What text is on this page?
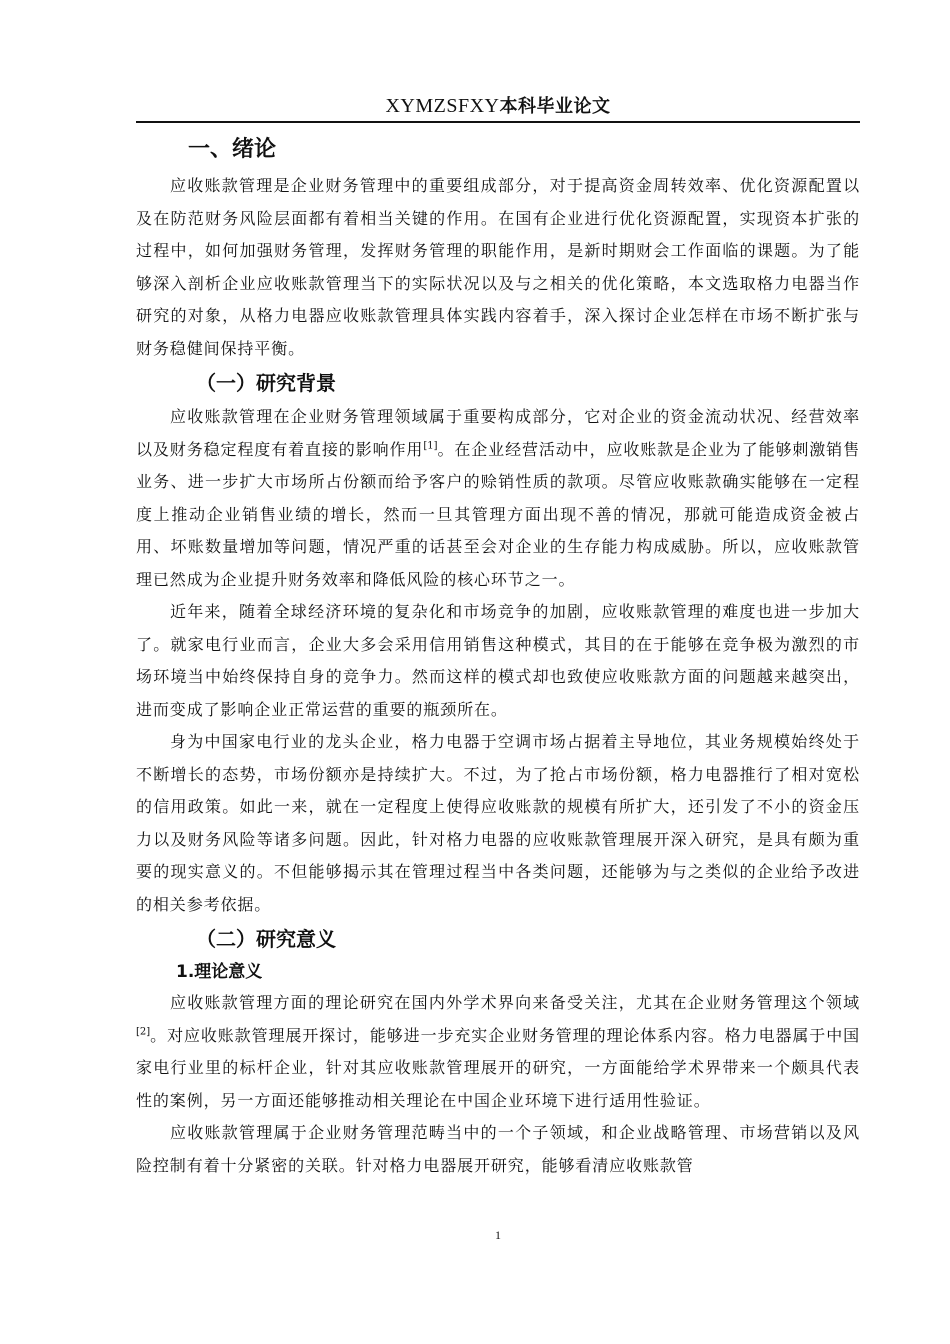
XYMZSFXY本科毕业论文
一、绪论

应收账款管理是企业财务管理中的重要组成部分，对于提高资金周转效率、优化资源配置以及在防范财务风险层面都有着相当关键的作用。在国有企业进行优化资源配置，实现资本扩张的过程中，如何加强财务管理，发挥财务管理的职能作用，是新时期财会工作面临的课题。为了能够深入剖析企业应收账款管理当下的实际状况以及与之相关的优化策略，本文选取格力电器当作研究的对象，从格力电器应收账款管理具体实践内容着手，深入探讨企业怎样在市场不断扩张与财务稳健间保持平衡。

（一）研究背景

应收账款管理在企业财务管理领域属于重要构成部分，它对企业的资金流动状况、经营效率以及财务稳定程度有着直接的影响作用[1]。在企业经营活动中，应收账款是企业为了能够刺激销售业务、进一步扩大市场所占份额而给予客户的赊销性质的款项。尽管应收账款确实能够在一定程度上推动企业销售业绩的增长，然而一旦其管理方面出现不善的情况，那就可能造成资金被占用、坏账数量增加等问题，情况严重的话甚至会对企业的生存能力构成威胁。所以，应收账款管理已然成为企业提升财务效率和降低风险的核心环节之一。

近年来，随着全球经济环境的复杂化和市场竞争的加剧，应收账款管理的难度也进一步加大了。就家电行业而言，企业大多会采用信用销售这种模式，其目的在于能够在竞争极为激烈的市场环境当中始终保持自身的竞争力。然而这样的模式却也致使应收账款方面的问题越来越突出，进而变成了影响企业正常运营的重要的瓶颈所在。

身为中国家电行业的龙头企业，格力电器于空调市场占据着主导地位，其业务规模始终处于不断增长的态势，市场份额亦是持续扩大。不过，为了抢占市场份额，格力电器推行了相对宽松的信用政策。如此一来，就在一定程度上使得应收账款的规模有所扩大，还引发了不小的资金压力以及财务风险等诸多问题。因此，针对格力电器的应收账款管理展开深入研究，是具有颇为重要的现实意义的。不但能够揭示其在管理过程当中各类问题，还能够为与之类似的企业给予改进的相关参考依据。

（二）研究意义
1.理论意义

应收账款管理方面的理论研究在国内外学术界向来备受关注，尤其在企业财务管理这个领域[2]。对应收账款管理展开探讨，能够进一步充实企业财务管理的理论体系内容。格力电器属于中国家电行业里的标杆企业，针对其应收账款管理展开的研究，一方面能给学术界带来一个颇具代表性的案例，另一方面还能够推动相关理论在中国企业环境下进行适用性验证。

应收账款管理属于企业财务管理范畴当中的一个子领域，和企业战略管理、市场营销以及风险控制有着十分紧密的关联。针对格力电器展开研究，能够看清应收账款管

1
